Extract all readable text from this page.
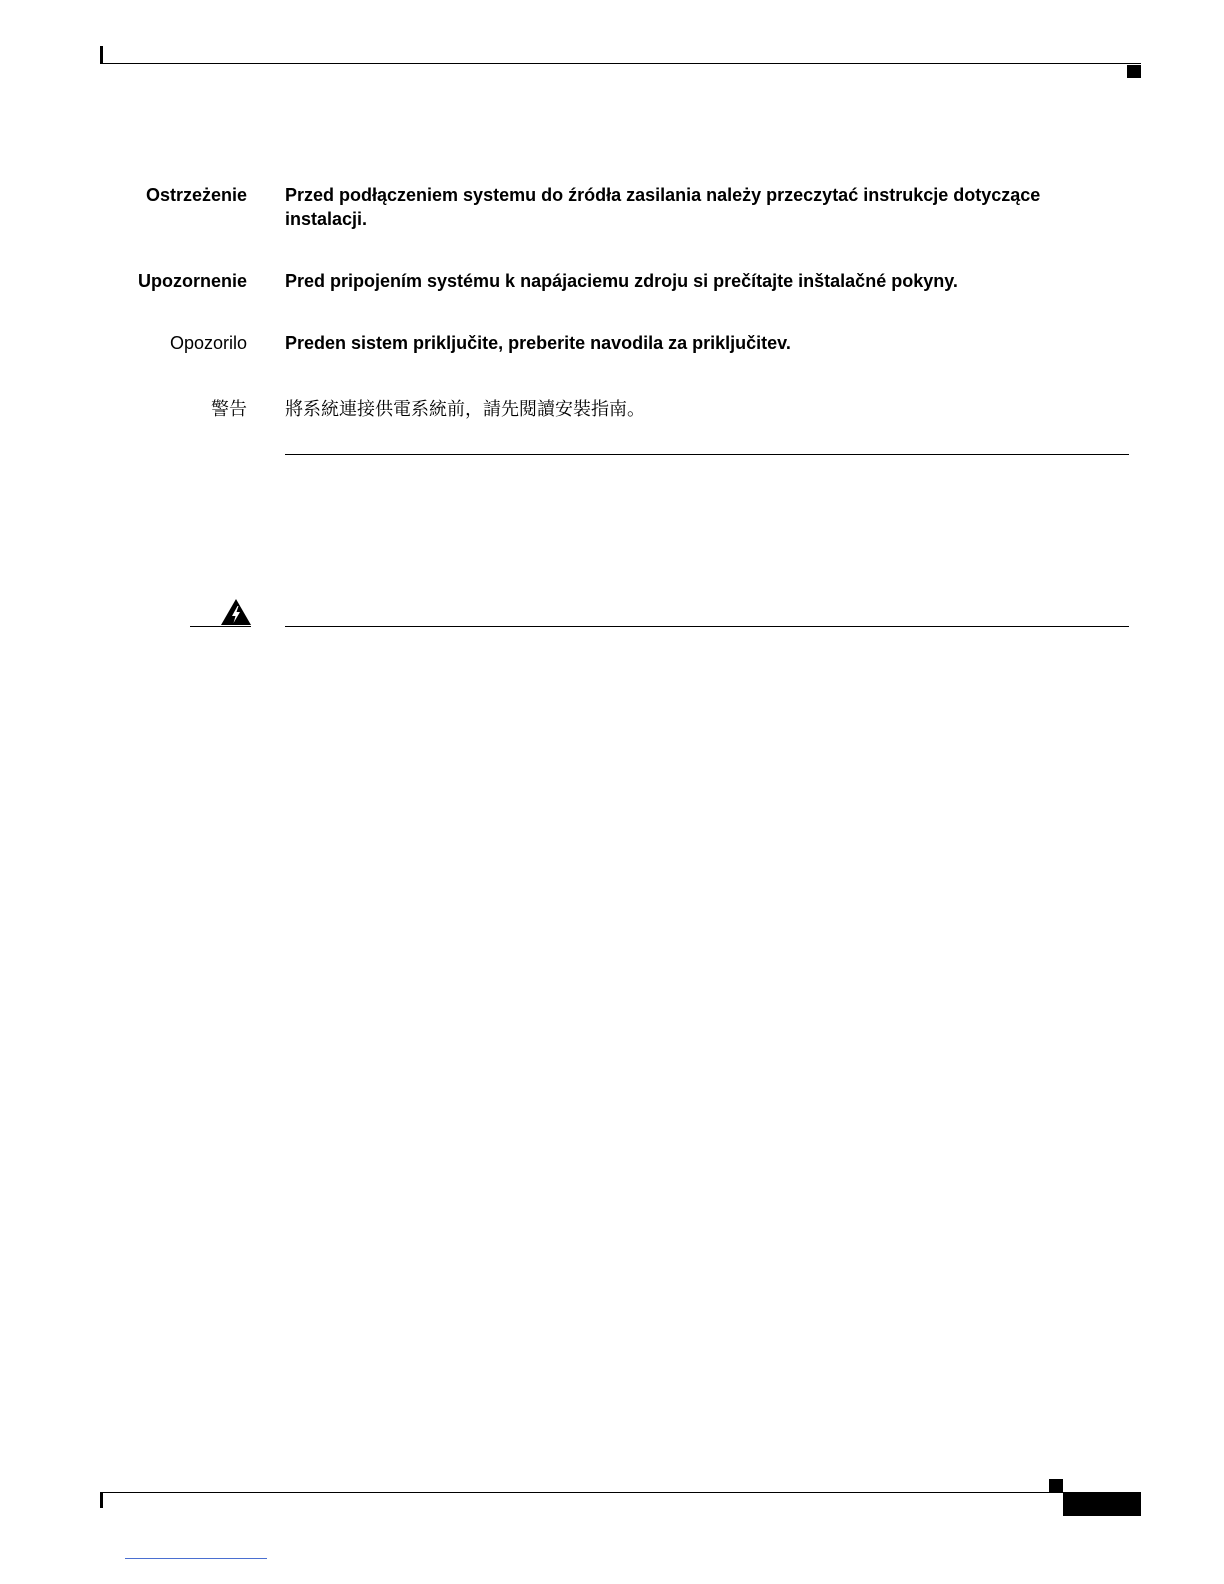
Ostrzeżenie Przed podłączeniem systemu do źródła zasilania należy przeczytać instrukcje dotyczące instalacji.
Upozornenie Pred pripojením systému k napájaciemu zdroju si prečítajte inštalačné pokyny.
Opozorilo Preden sistem priključite, preberite navodila za priključitev.
警告 將系統連接供電系統前，請先閱讀安裝指南。
